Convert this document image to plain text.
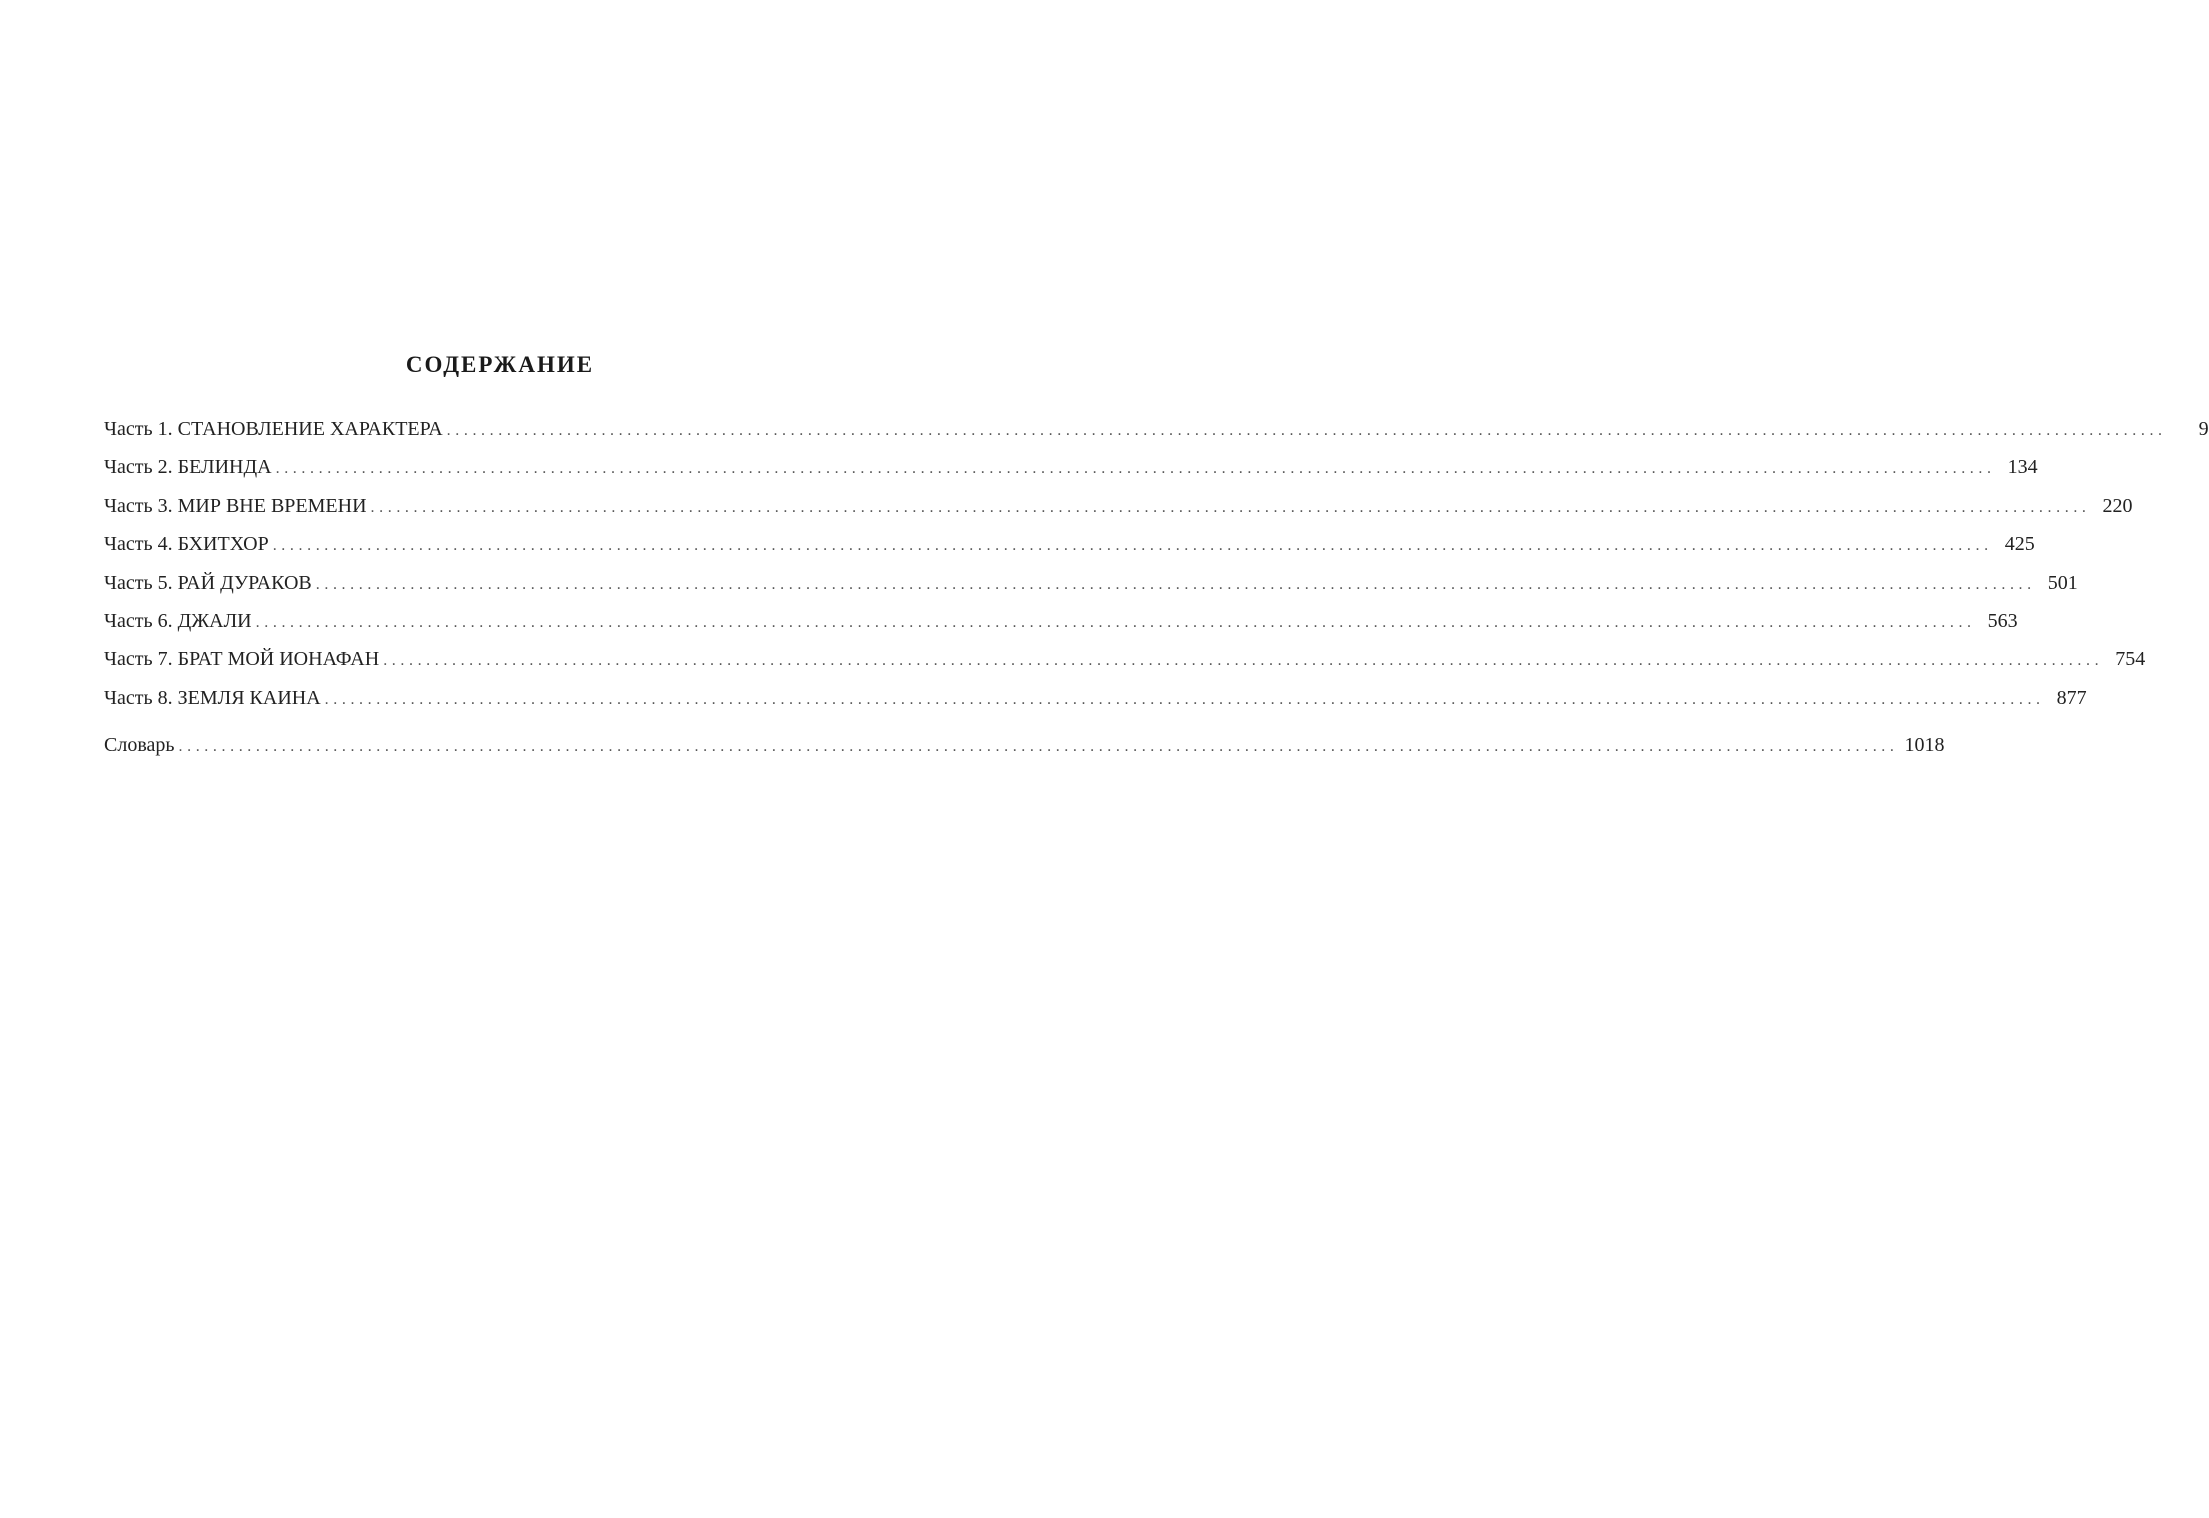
СОДЕРЖАНИЕ
Часть 1. СТАНОВЛЕНИЕ ХАРАКТЕРА ........................................................................................................................................................................................................	9
Часть 2. БЕЛИНДА ........................................................................................................................................................................................................ 134
Часть 3. МИР ВНЕ ВРЕМЕНИ ........................................................................................................................................................................................................ 220
Часть 4. БХИТХОР ........................................................................................................................................................................................................ 425
Часть 5. РАЙ ДУРАКОВ ........................................................................................................................................................................................................ 501
Часть 6. ДЖАЛИ ........................................................................................................................................................................................................ 563
Часть 7. БРАТ МОЙ ИОНАФАН ........................................................................................................................................................................................................ 754
Часть 8. ЗЕМЛЯ КАИНА ........................................................................................................................................................................................................ 877
Словарь ........................................................................................................................................................................................................ 1018
